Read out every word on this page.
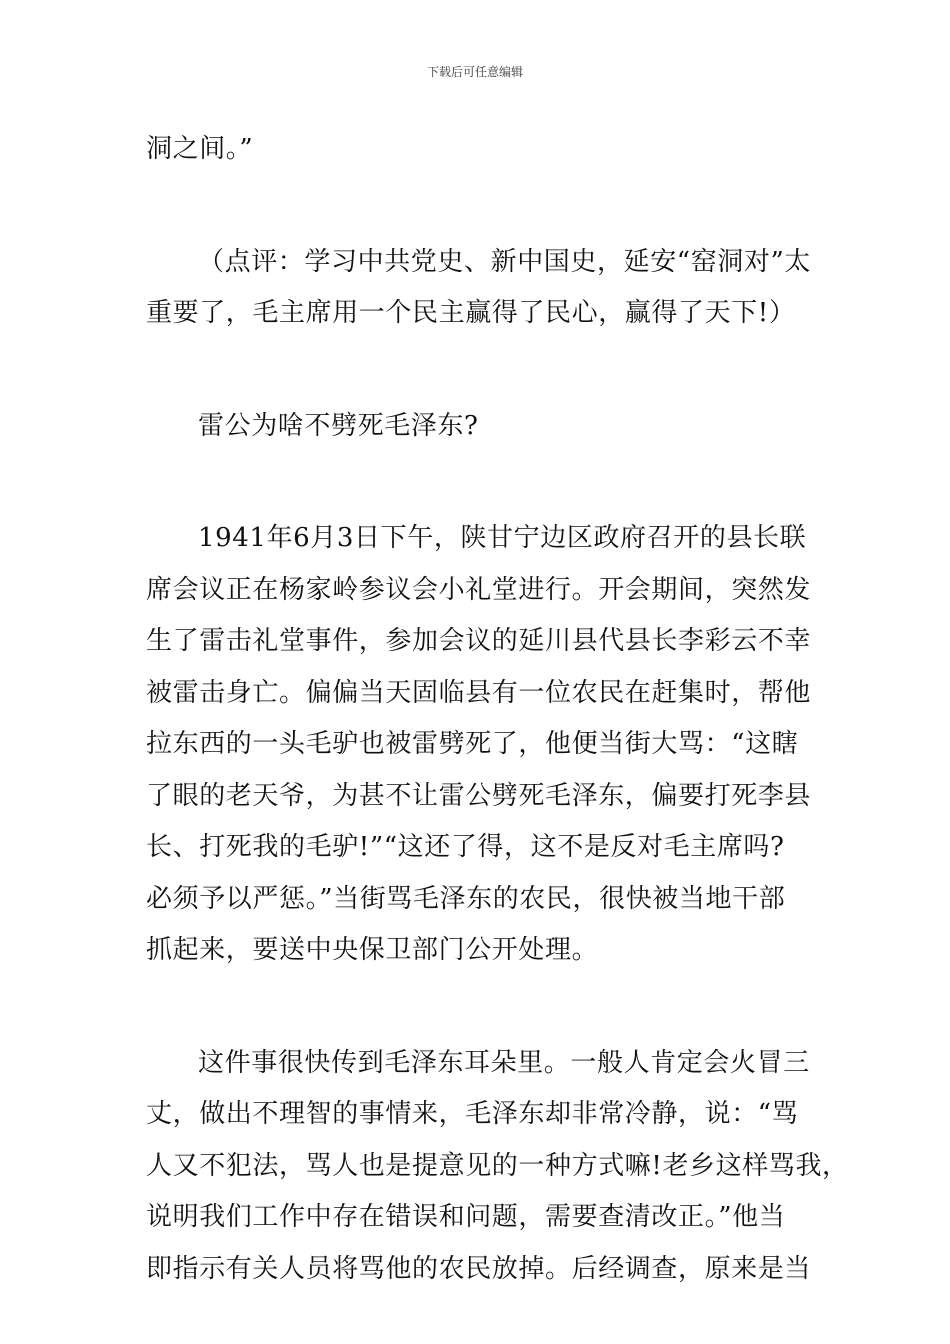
下载后可任意编辑

洞之间。”

（点评：学习中共党史、新中国史，延安“窑洞对”太
重要了，毛主席用一个民主赢得了民心，赢得了天下!）

雷公为啥不劈死毛泽东?

1941年6月3日下午，陕甘宁边区政府召开的县长联
席会议正在杨家岭参议会小礼堂进行。开会期间，突然发
生了雷击礼堂事件，参加会议的延川县代县长李彩云不幸
被雷击身亡。偏偏当天固临县有一位农民在赶集时，帮他
拉东西的一头毛驴也被雷劈死了，他便当街大骂：“这瞎
了眼的老天爷，为甚不让雷公劈死毛泽东，偏要打死李县
长、打死我的毛驴!”“这还了得，这不是反对毛主席吗?
必须予以严惩。”当街骂毛泽东的农民，很快被当地干部
抓起来，要送中央保卫部门公开处理。

这件事很快传到毛泽东耳朵里。一般人肯定会火冒三
丈，做出不理智的事情来，毛泽东却非常冷静，说：“骂
人又不犯法，骂人也是提意见的一种方式嘛!老乡这样骂我，
说明我们工作中存在错误和问题，需要查清改正。”他当
即指示有关人员将骂他的农民放掉。后经调查，原来是当
